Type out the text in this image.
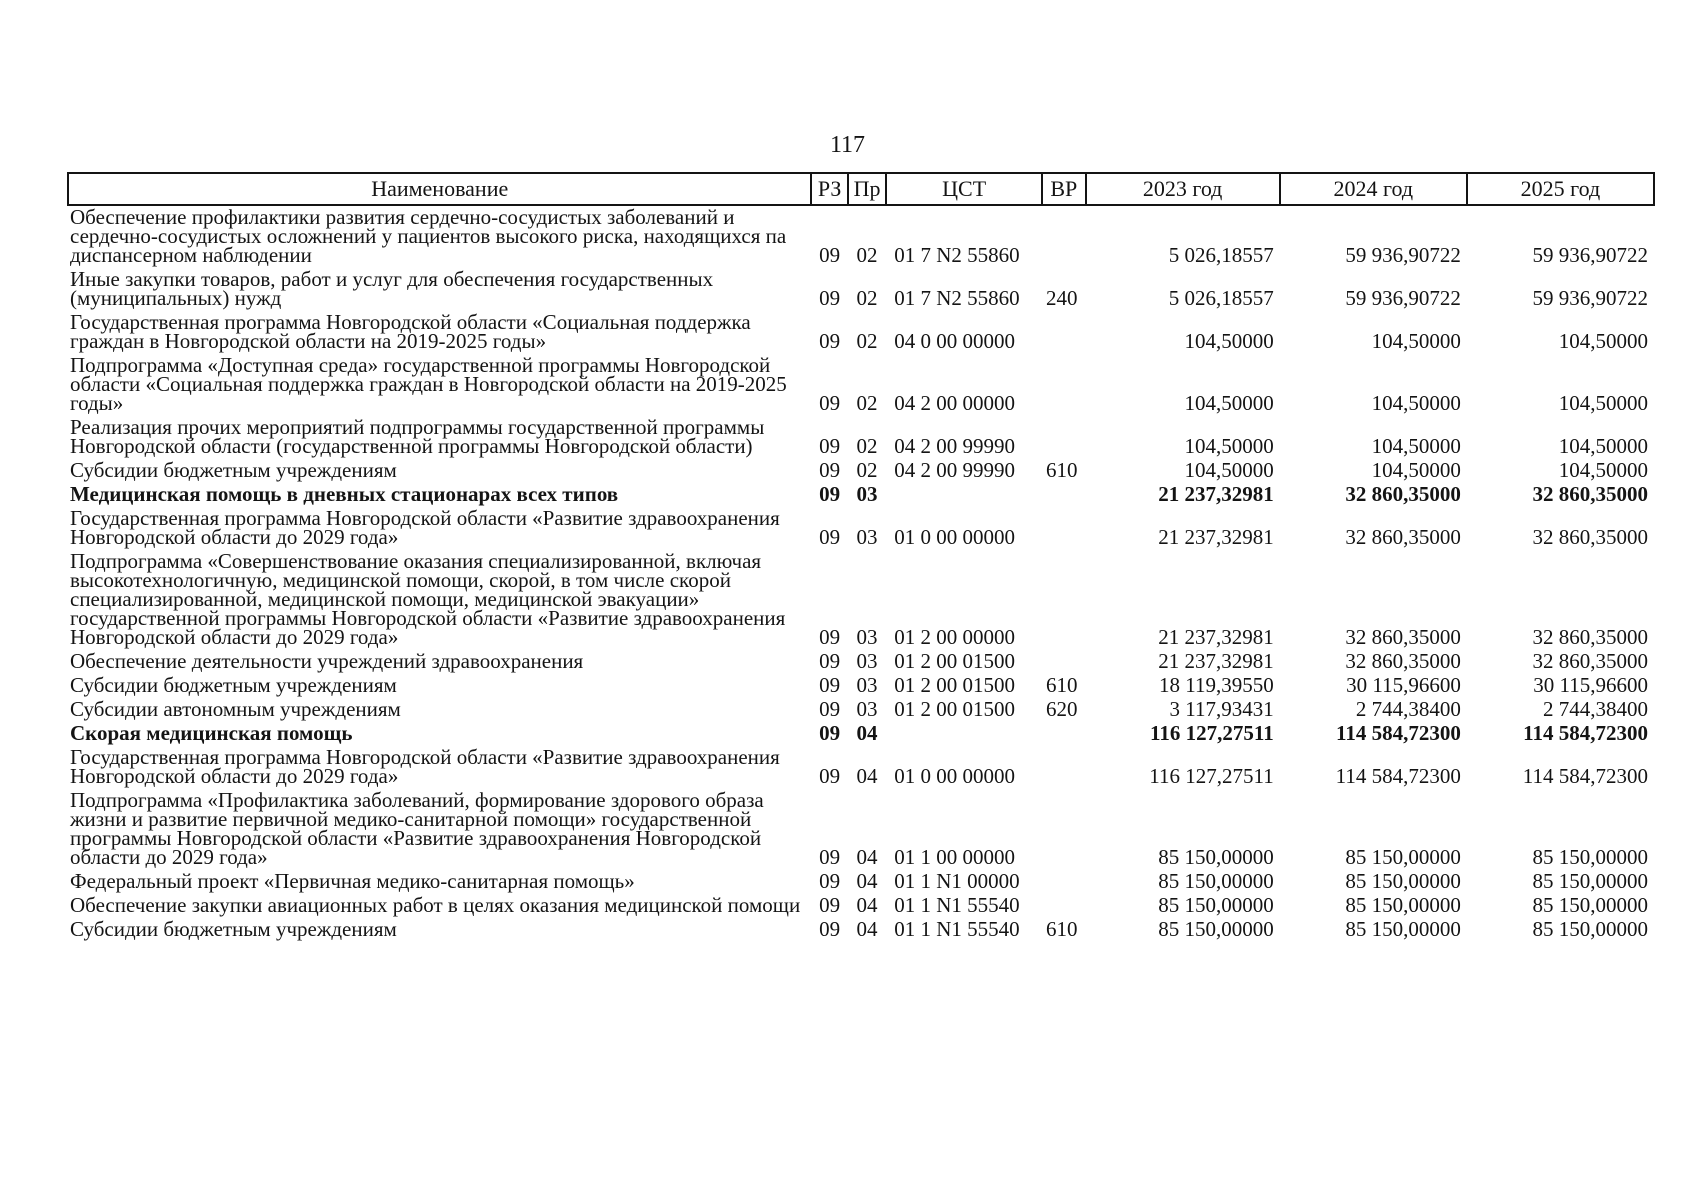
117
Наименование	РЗ	Пр	ЦСТ	ВР	2023 год	2024 год	2025 год
Обеспечение профилактики развития сердечно-сосудистых заболеваний и сердечно-сосудистых осложнений у пациентов высокого риска, находящихся па диспансерном наблюдении	09	02	01 7 N2 55860		5 026,18557	59 936,90722	59 936,90722
Иные закупки товаров, работ и услуг для обеспечения государственных (муниципальных) нужд	09	02	01 7 N2 55860	240	5 026,18557	59 936,90722	59 936,90722
Государственная программа Новгородской области «Социальная поддержка граждан в Новгородской области на 2019-2025 годы»	09	02	04 0 00 00000		104,50000	104,50000	104,50000
Подпрограмма «Доступная среда» государственной программы Новгородской области «Социальная поддержка граждан в Новгородской области на 2019-2025 годы»	09	02	04 2 00 00000		104,50000	104,50000	104,50000
Реализация прочих мероприятий подпрограммы государственной программы Новгородской области (государственной программы Новгородской области)	09	02	04 2 00 99990		104,50000	104,50000	104,50000
Субсидии бюджетным учреждениям	09	02	04 2 00 99990	610	104,50000	104,50000	104,50000
Медицинская помощь в дневных стационарах всех типов	09	03			21 237,32981	32 860,35000	32 860,35000
Государственная программа Новгородской области «Развитие здравоохранения Новгородской области до 2029 года»	09	03	01 0 00 00000		21 237,32981	32 860,35000	32 860,35000
Подпрограмма «Совершенствование оказания специализированной, включая высокотехнологичную, медицинской помощи, скорой, в том числе скорой специализированной, медицинской помощи, медицинской эвакуации» государственной программы Новгородской области «Развитие здравоохранения Новгородской области до 2029 года»	09	03	01 2 00 00000		21 237,32981	32 860,35000	32 860,35000
Обеспечение деятельности учреждений здравоохранения	09	03	01 2 00 01500		21 237,32981	32 860,35000	32 860,35000
Субсидии бюджетным учреждениям	09	03	01 2 00 01500	610	18 119,39550	30 115,96600	30 115,96600
Субсидии автономным учреждениям	09	03	01 2 00 01500	620	3 117,93431	2 744,38400	2 744,38400
Скорая медицинская помощь	09	04			116 127,27511	114 584,72300	114 584,72300
Государственная программа Новгородской области «Развитие здравоохранения Новгородской области до 2029 года»	09	04	01 0 00 00000		116 127,27511	114 584,72300	114 584,72300
Подпрограмма «Профилактика заболеваний, формирование здорового образа жизни и развитие первичной медико-санитарной помощи» государственной программы Новгородской области «Развитие здравоохранения Новгородской области до 2029 года»	09	04	01 1 00 00000		85 150,00000	85 150,00000	85 150,00000
Федеральный проект «Первичная медико-санитарная помощь»	09	04	01 1 N1 00000		85 150,00000	85 150,00000	85 150,00000
Обеспечение закупки авиационных работ в целях оказания медицинской помощи	09	04	01 1 N1 55540		85 150,00000	85 150,00000	85 150,00000
Субсидии бюджетным учреждениям	09	04	01 1 N1 55540	610	85 150,00000	85 150,00000	85 150,00000
